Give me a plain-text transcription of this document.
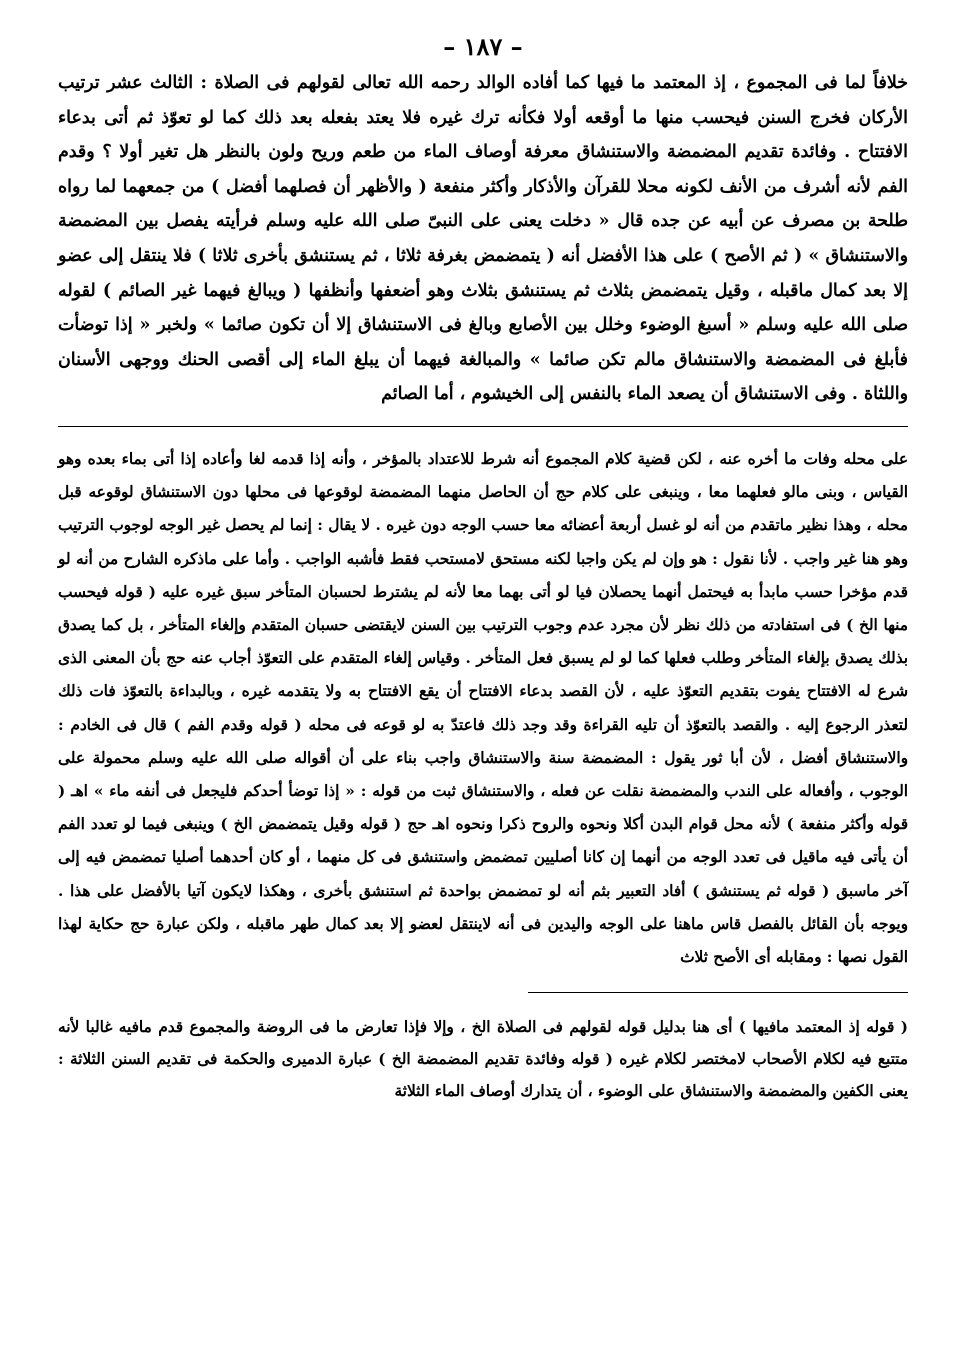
– ١٨٧ –

خلافاً لما فى المجموع ، إذ المعتمد ما فيها كما أفاده الوالد رحمه الله تعالى لقولهم فى الصلاة : الثالث عشر ترتيب الأركان فخرج السنن فيحسب منها ما أوقعه أولا فكأنه ترك غيره فلا يعتد بفعله بعد ذلك كما لو تعوّذ ثم أتى بدعاء الافتتاح . وفائدة تقديم المضمضة والاستنشاق معرفة أوصاف الماء من طعم وريح ولون بالنظر هل تغير أولا ؟ وقدم الفم لأنه أشرف من الأنف لكونه محلا للقرآن والأذكار وأكثر منفعة ( والأظهر أن فصلهما أفضل ) من جمعهما لما رواه طلحة بن مصرف عن أبيه عن جده قال « دخلت يعنى على النبىّ صلى الله عليه وسلم فرأيته يفصل بين المضمضة والاستنشاق » ( ثم الأصح ) على هذا الأفضل أنه ( يتمضمض بغرفة ثلاثا ، ثم يستنشق بأخرى ثلاثا ) فلا ينتقل إلى عضو إلا بعد كمال ماقبله ، وقيل يتمضمض بثلاث ثم يستنشق بثلاث وهو أضعفها وأنظفها ( ويبالغ فيهما غير الصائم ) لقوله صلى الله عليه وسلم « أسبغ الوضوء وخلل بين الأصابع وبالغ فى الاستنشاق إلا أن تكون صائما » ولخبر « إذا توضأت فأبلغ فى المضمضة والاستنشاق مالم تكن صائما » والمبالغة فيهما أن يبلغ الماء إلى أقصى الحنك ووجهى الأسنان واللثاة . وفى الاستنشاق أن يصعد الماء بالنفس إلى الخيشوم ، أما الصائم

على محله وفات ما أخره عنه ، لكن قضية كلام المجموع أنه شرط للاعتداد بالمؤخر ، وأنه إذا قدمه لغا وأعاده إذا أتى بماء بعده وهو القياس ، وبنى مالو فعلهما معا ، وينبغى على كلام حج أن الحاصل منهما المضمضة لوقوعها فى محلها دون الاستنشاق لوقوعه قبل محله ، وهذا نظير ماتقدم من أنه لو غسل أربعة أعضائه معا حسب الوجه دون غيره . لا يقال : إنما لم يحصل غير الوجه لوجوب الترتيب وهو هنا غير واجب . لأنا نقول : هو وإن لم يكن واجبا لكنه مستحق لامستحب فقط فأشبه الواجب . وأما على ماذكره الشارح من أنه لو قدم مؤخرا حسب مابدأ به فيحتمل أنهما يحصلان فيا لو أتى بهما معا لأنه لم يشترط لحسبان المتأخر سبق غيره عليه ( قوله فيحسب منها الخ ) فى استفادته من ذلك نظر لأن مجرد عدم وجوب الترتيب بين السنن لايقتضى حسبان المتقدم وإلغاء المتأخر ، بل كما يصدق بذلك يصدق بإلغاء المتأخر وطلب فعلها كما لو لم يسبق فعل المتأخر . وقياس إلغاء المتقدم على التعوّذ أجاب عنه حج بأن المعنى الذى شرع له الافتتاح يفوت بتقديم التعوّذ عليه ، لأن القصد بدعاء الافتتاح أن يقع الافتتاح به ولا يتقدمه غيره ، وبالبداءة بالتعوّذ فات ذلك لتعذر الرجوع إليه . والقصد بالتعوّذ أن تليه القراءة وقد وجد ذلك فاعتدّ به لو قوعه فى محله ( قوله وقدم الفم ) قال فى الخادم : والاستنشاق أفضل ، لأن أبا ثور يقول : المضمضة سنة والاستنشاق واجب بناء على أن أقواله صلى الله عليه وسلم محمولة على الوجوب ، وأفعاله على الندب والمضمضة نقلت عن فعله ، والاستنشاق ثبت من قوله : « إذا توضأ أحدكم فليجعل فى أنفه ماء » اهـ ( قوله وأكثر منفعة ) لأنه محل قوام البدن أكلا ونحوه والروح ذكرا ونحوه اهـ حج ( قوله وقيل يتمضمض الخ ) وينبغى فيما لو تعدد الفم أن يأتى فيه ماقيل فى تعدد الوجه من أنهما إن كانا أصليين تمضمض واستنشق فى كل منهما ، أو كان أحدهما أصليا تمضمض فيه إلى آخر ماسبق ( قوله ثم يستنشق ) أفاد التعبير بثم أنه لو تمضمض بواحدة ثم استنشق بأخرى ، وهكذا لايكون آتيا بالأفضل على هذا . ويوجه بأن القائل بالفصل قاس ماهنا على الوجه واليدين فى أنه لاينتقل لعضو إلا بعد كمال طهر ماقبله ، ولكن عبارة حج حكاية لهذا القول نصها : ومقابله أى الأصح ثلاث

( قوله إذ المعتمد مافيها ) أى هنا بدليل قوله لقولهم فى الصلاة الخ ، وإلا فإذا تعارض ما فى الروضة والمجموع قدم مافيه غالبا لأنه متتبع فيه لكلام الأصحاب لامختصر لكلام غيره ( قوله وفائدة تقديم المضمضة الخ ) عبارة الدميرى والحكمة فى تقديم السنن الثلاثة : يعنى الكفين والمضمضة والاستنشاق على الوضوء ، أن يتدارك أوصاف الماء الثلاثة
